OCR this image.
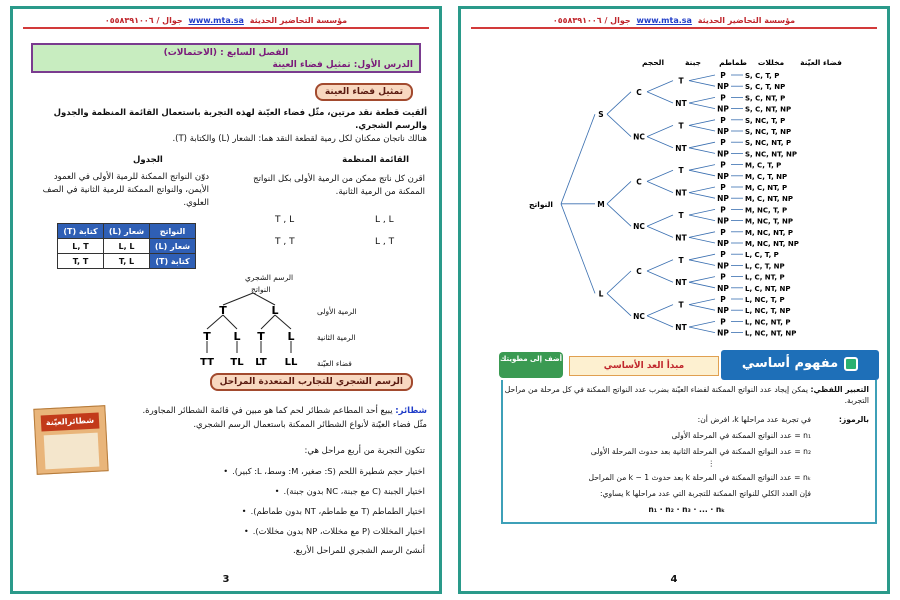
جوال / ٠٥٥٨٣٩١٠٠٦ www.mta.sa مؤسسة التحاضير الحديثة
الفصل السابع : (الاحتمالات)
الدرس الأول: تمثيل فضاء العينة
تمثيل فضاء العينة
ألقيت قطعة نقد مرتين، مثّل فضاء العيّنة لهذه التجربة باستعمال القائمة المنظمة والجدول والرسم الشجري.
هنالك ناتجان ممكنان لكل رمية لقطعة النقد هما: الشعار (L) والكتابة (T).
القائمة المنظمة
اقرن كل ناتج ممكن من الرمية الأولى بكل النواتج الممكنة من الرمية الثانية.
L , L
T , L
L , T
T , T
الجدول
دوّن النواتج الممكنة للرمية الأولى في العمود الأيمن، والنواتج الممكنة للرمية الثانية في الصف العلوي.
النواتج	شعار (L)	كتابة (T)
شعار (L)	L, L	L, T
كتابة (T)	T, L	T, T
الرسم الشجري
النواتج
الرمية الأولى
الرمية الثانية
فضاء العيّنة
T	L
T L T L
TT TL LT LL
الرسم الشجري للتجارب المتعددة المراحل
شطائرالعيّنة
شطائر: يبيع أحد المطاعم شطائر لحم كما هو مبين في قائمة الشطائر المجاورة.
مثّل فضاء العيّنة لأنواع الشطائر الممكنة باستعمال الرسم الشجري.
تتكون التجربة من أربع مراحل هي:
اختيار حجم شطيرة اللحم (S: صغير، M: وسط، L: كبير). •
اختيار الجبنة (C مع جبنة، NC بدون جبنة). •
اختيار الطماطم (T مع طماطم، NT بدون طماطم). •
اختيار المخللات (P مع مخللات، NP بدون مخللات). •
أنشئ الرسم الشجري للمراحل الأربع.
3
جوال / ٠٥٥٨٣٩١٠٠٦ www.mta.sa مؤسسة التحاضير الحديثة
فضاء العيّنة
مخللات
طماطم
جبنة
الحجم
النواتج
S
C
T
P	S, C, T, P
NP S, C, T, NP
NT
P	S, C, NT, P
NP S, C, NT, NP
NC
T
P	S, NC, T, P
NP S, NC, T, NP
NT
P	S, NC, NT, P
NP S, NC, NT, NP
M
C
T
P	M, C, T, P
NP M, C, T, NP
NT
P	M, C, NT, P
NP M, C, NT, NP
NC
T
P	M, NC, T, P
NP M, NC, T, NP
NT
P	M, NC, NT, P
NP M, NC, NT, NP
L
C
T
P	L, C, T, P
NP L, C, T, NP
NT
P	L, C, NT, P
NP L, C, NT, NP
NC
T
P	L, NC, T, P
NP L, NC, T, NP
NT
P	L, NC, NT, P
NP L, NC, NT, NP
أضف إلى مطويتك
مبدأ العد الأساسي	مفهوم أساسي
التعبير اللفظي: يمكن إيجاد عدد النواتج الممكنة لفضاء العيّنة بضرب عدد النواتج الممكنة في كل مرحلة من مراحل التجربة.
بالرموز:
في تجربة عدد مراحلها k، افرض أن:
n₁ = عدد النواتج الممكنة في المرحلة الأولى
n₂ = عدد النواتج الممكنة في المرحلة الثانية بعد حدوث المرحلة الأولى
⋮
nₖ = عدد النواتج الممكنة في المرحلة k بعد حدوث k − 1 من المراحل
فإن العدد الكلي للنواتج الممكنة للتجربة التي عدد مراحلها k يساوي:
n₁ · n₂ · n₃ · ... · nₖ
4
